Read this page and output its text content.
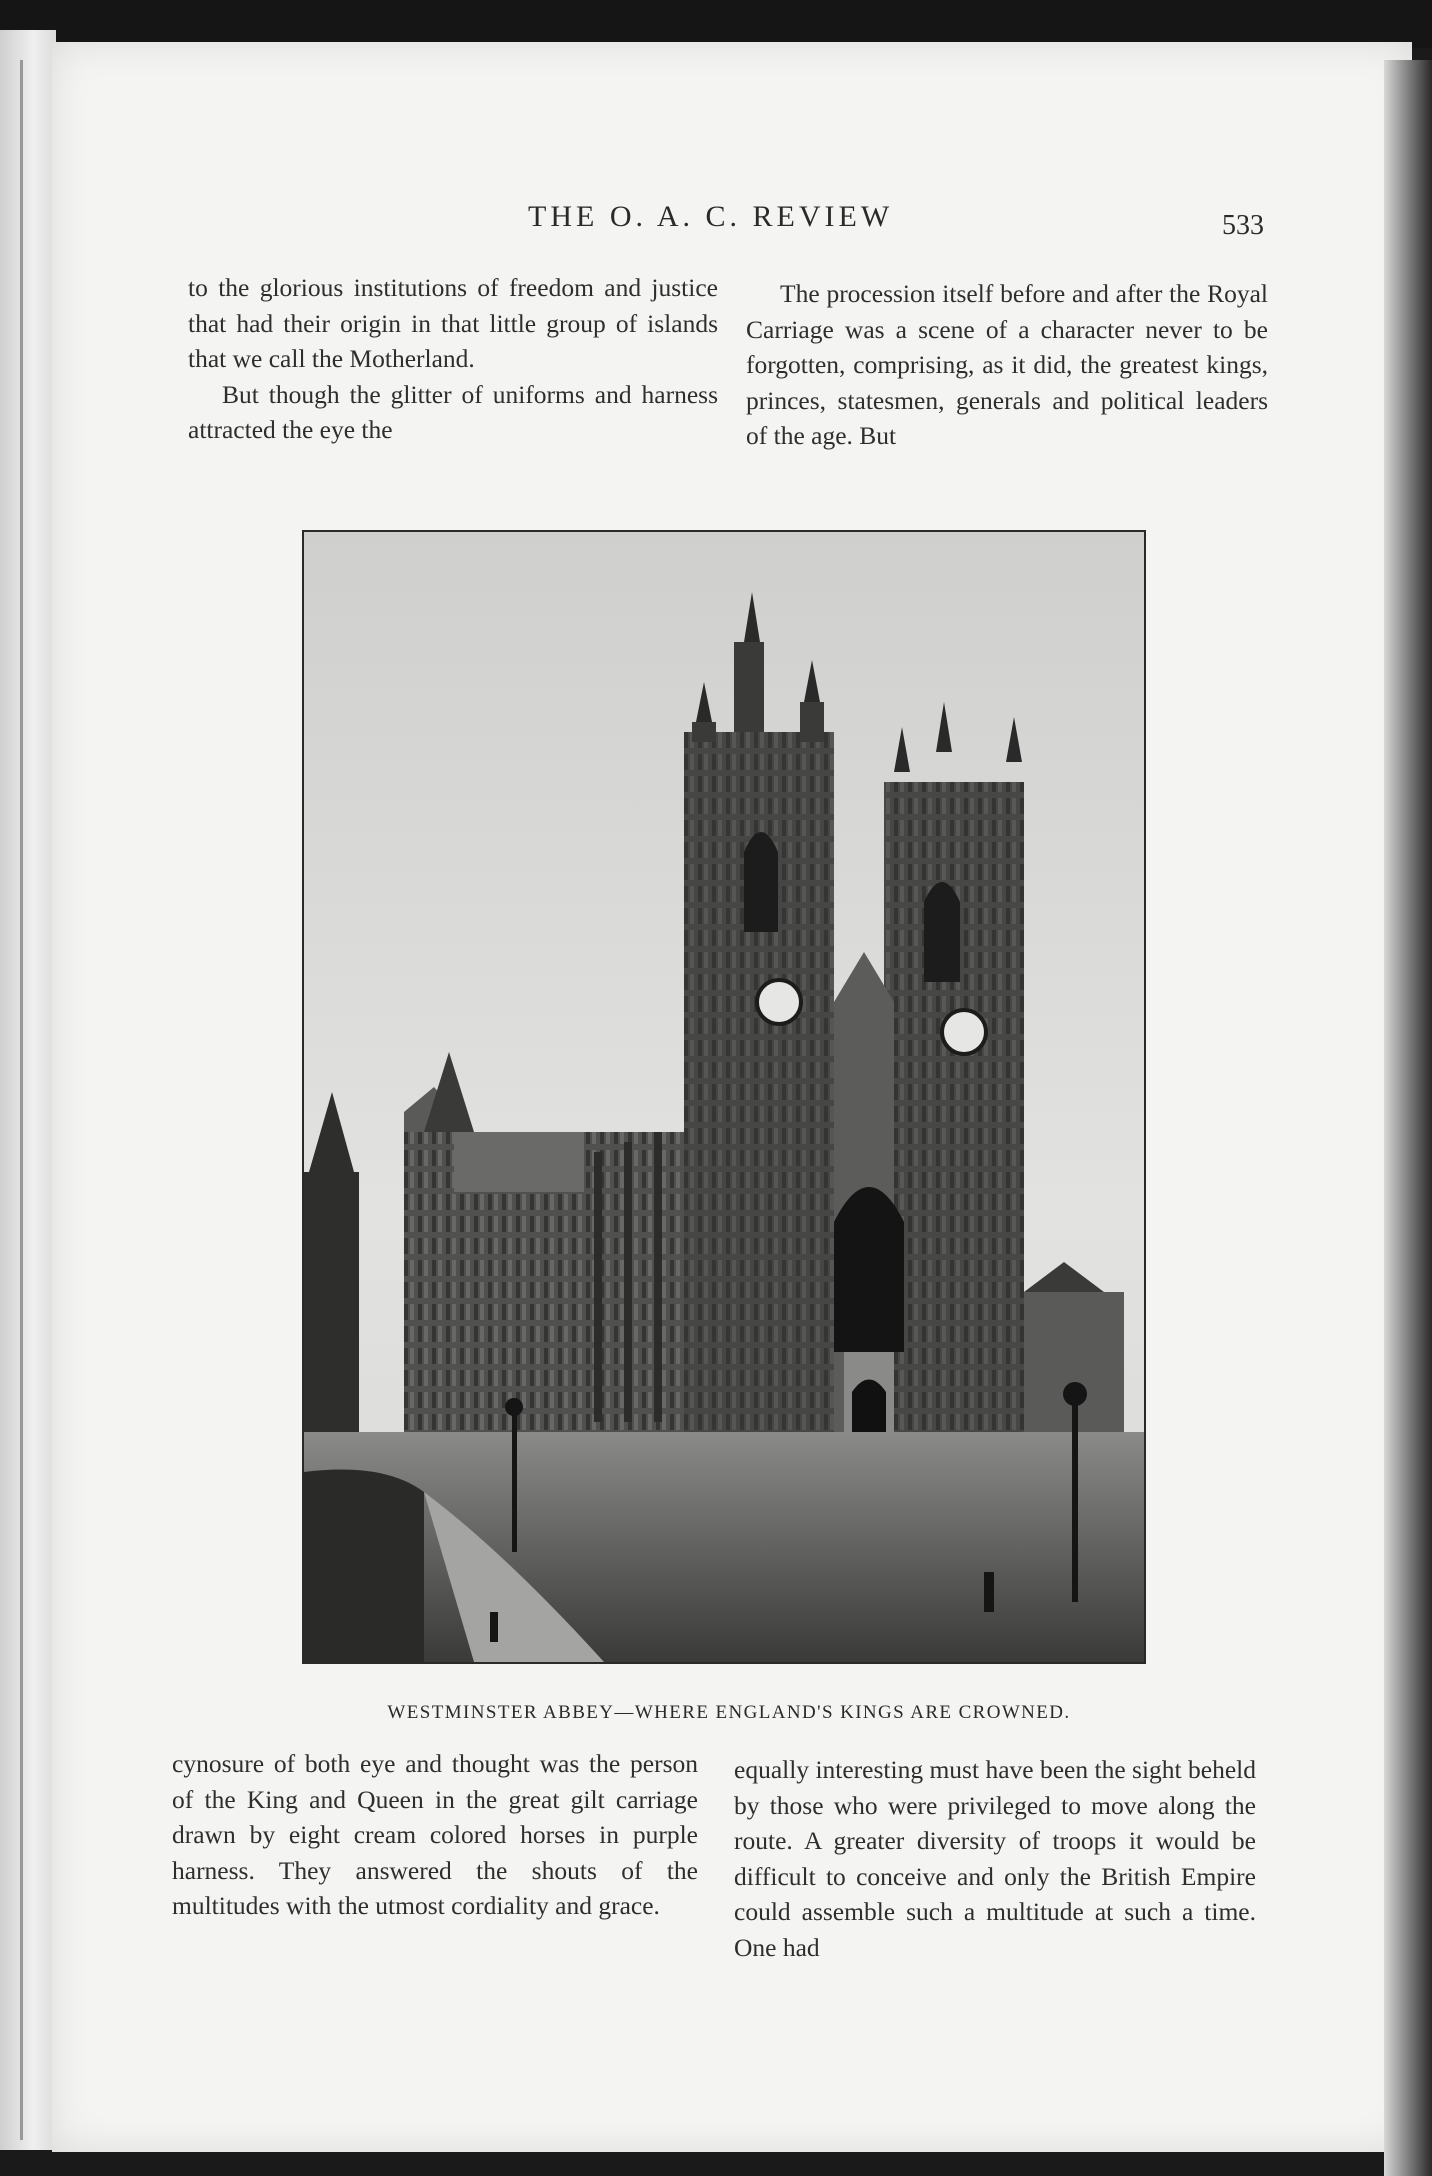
THE O. A. C. REVIEW	533

to the glorious institutions of freedom and justice that had their origin in that little group of islands that we call the Motherland.

But though the glitter of uniforms and harness attracted the eye the

The procession itself before and after the Royal Carriage was a scene of a character never to be forgotten, comprising, as it did, the greatest kings, princes, statesmen, generals and political leaders of the age. But

WESTMINSTER ABBEY—WHERE ENGLAND'S KINGS ARE CROWNED.

cynosure of both eye and thought was the person of the King and Queen in the great gilt carriage drawn by eight cream colored horses in purple harness. They answered the shouts of the multitudes with the utmost cordiality and grace.

equally interesting must have been the sight beheld by those who were privileged to move along the route. A greater diversity of troops it would be difficult to conceive and only the British Empire could assemble such a multitude at such a time. One had
